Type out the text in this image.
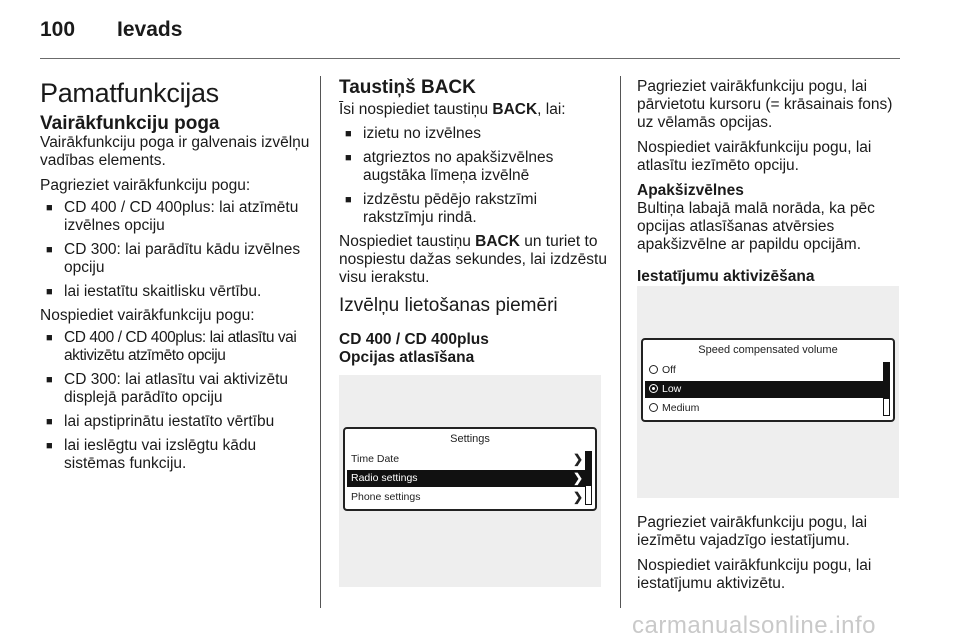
100 Ievads
Pamatfunkcijas
Vairākfunkciju poga

Vairākfunkciju poga ir galvenais izvēlņu vadības elements.

Pagrieziet vairākfunkciju pogu:

■ CD 400 / CD 400plus: lai atzīmētu izvēlnes opciju
■ CD 300: lai parādītu kādu izvēlnes opciju
■ lai iestatītu skaitlisku vērtību.

Nospiediet vairākfunkciju pogu:

■ CD 400 / CD 400plus: lai atlasītu vai aktivizētu atzīmēto opciju
■ CD 300: lai atlasītu vai aktivizētu displejā parādīto opciju
■ lai apstiprinātu iestatīto vērtību
■ lai ieslēgtu vai izslēgtu kādu sistēmas funkciju.
Taustiņš BACK

Īsi nospiediet taustiņu BACK, lai:

■ izietu no izvēlnes
■ atgrieztos no apakšizvēlnes augstāka līmeņa izvēlnē
■ izdzēstu pēdējo rakstzīmi rakstzīmju rindā.

Nospiediet taustiņu BACK un turiet to nospiestu dažas sekundes, lai izdzēstu visu ierakstu.

Izvēlņu lietošanas piemēri
CD 400 / CD 400plus
Opcijas atlasīšana
Settings
Time Date	❯
Radio settings	❯
Phone settings	❯

Pagrieziet vairākfunkciju pogu, lai pārvietotu kursoru (= krāsainais fons) uz vēlamās opcijas.

Nospiediet vairākfunkciju pogu, lai atlasītu iezīmēto opciju.

Apakšizvēlnes

Bultiņa labajā malā norāda, ka pēc opcijas atlasīšanas atvērsies apakšizvēlne ar papildu opcijām.

Iestatījumu aktivizēšana
Speed compensated volume
Off
Low
Medium

Pagrieziet vairākfunkciju pogu, lai iezīmētu vajadzīgo iestatījumu.

Nospiediet vairākfunkciju pogu, lai iestatījumu aktivizētu.

carmanualsonline.info
